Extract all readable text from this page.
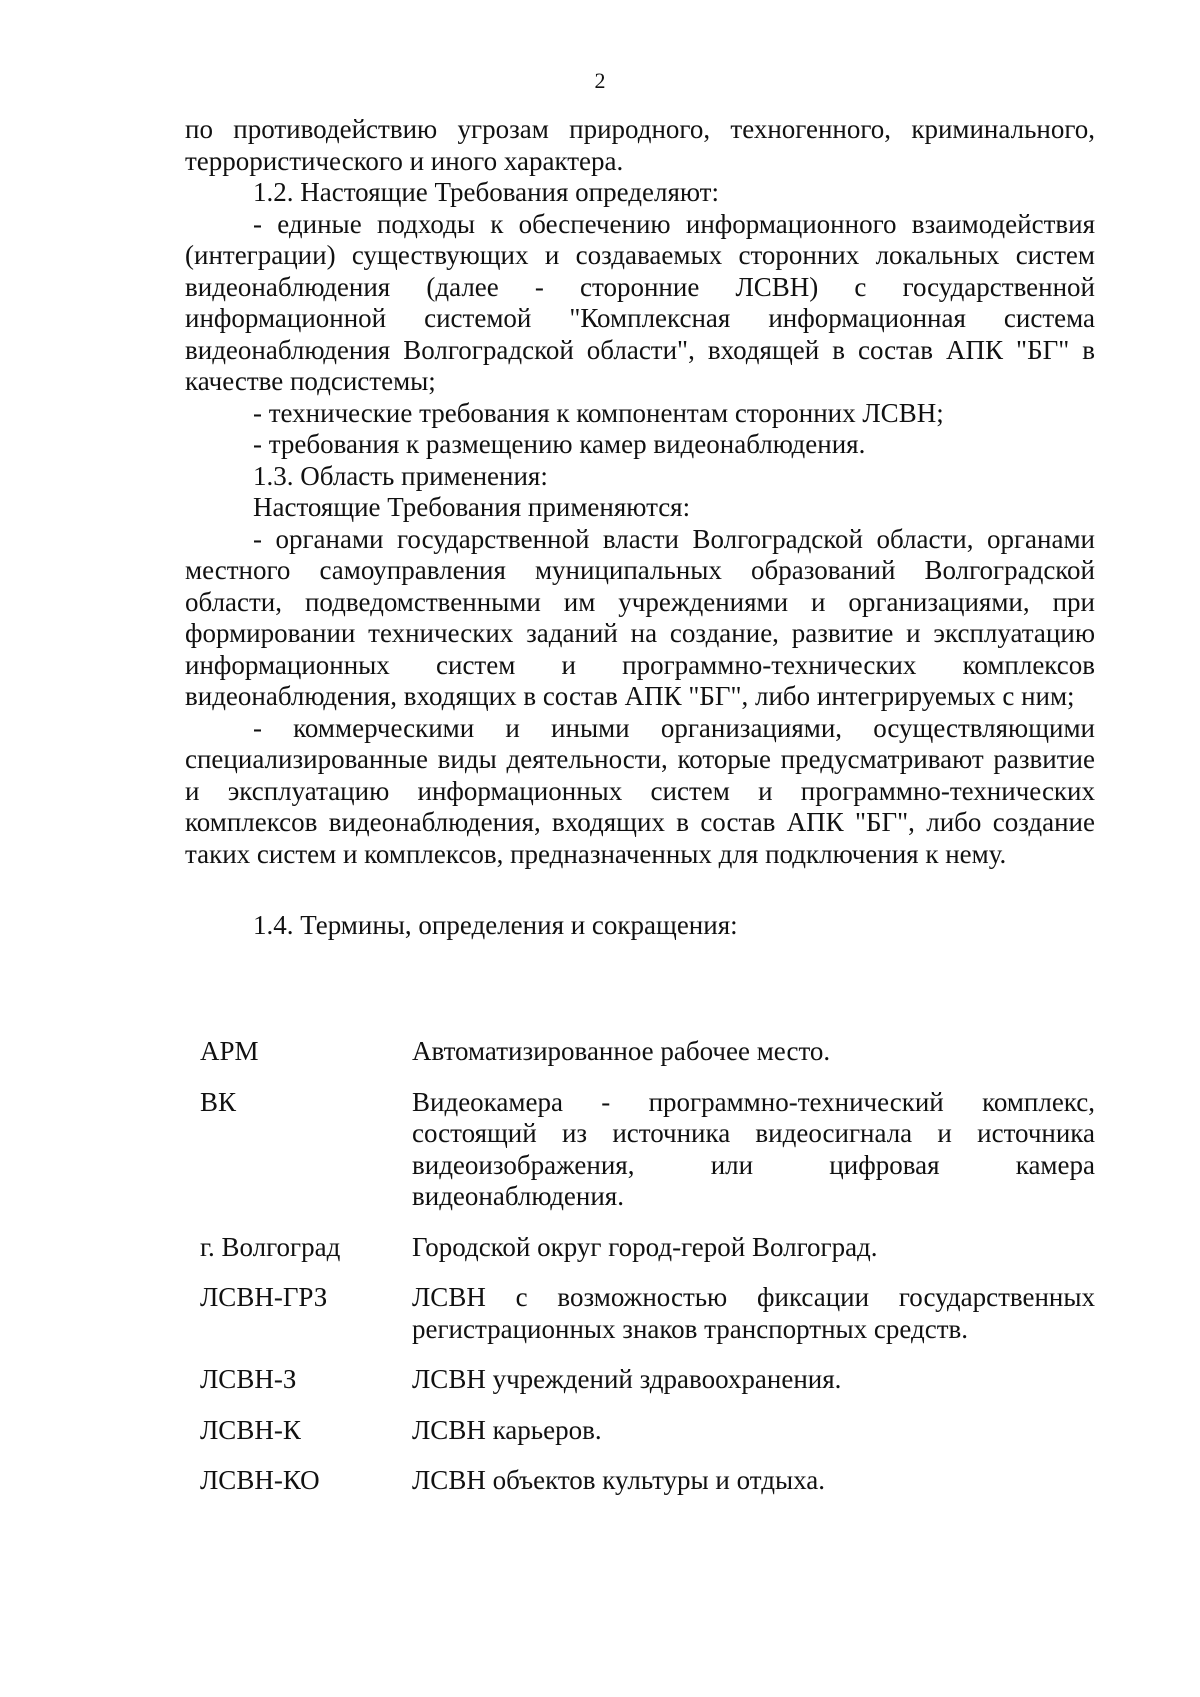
2

по противодействию угрозам природного, техногенного, криминального, террористического и иного характера.

1.2. Настоящие Требования определяют:

- единые подходы к обеспечению информационного взаимодействия (интеграции) существующих и создаваемых сторонних локальных систем видеонаблюдения (далее - сторонние ЛСВН) с государственной информационной системой "Комплексная информационная система видеонаблюдения Волгоградской области", входящей в состав АПК "БГ" в качестве подсистемы;

- технические требования к компонентам сторонних ЛСВН;

- требования к размещению камер видеонаблюдения.

1.3. Область применения:

Настоящие Требования применяются:

- органами государственной власти Волгоградской области, органами местного самоуправления муниципальных образований Волгоградской области, подведомственными им учреждениями и организациями, при формировании технических заданий на создание, развитие и эксплуатацию информационных систем и программно-технических комплексов видеонаблюдения, входящих в состав АПК "БГ", либо интегрируемых с ним;

- коммерческими и иными организациями, осуществляющими специализированные виды деятельности, которые предусматривают развитие и эксплуатацию информационных систем и программно-технических комплексов видеонаблюдения, входящих в состав АПК "БГ", либо создание таких систем и комплексов, предназначенных для подключения к нему.

1.4. Термины, определения и сокращения:

АРМ	Автоматизированное рабочее место.
ВК	Видеокамера - программно-технический комплекс, состоящий из источника видеосигнала и источника видеоизображения, или цифровая камера видеонаблюдения.
г. Волгоград	Городской округ город-герой Волгоград.
ЛСВН-ГРЗ	ЛСВН с возможностью фиксации государственных регистрационных знаков транспортных средств.
ЛСВН-З	ЛСВН учреждений здравоохранения.
ЛСВН-К	ЛСВН карьеров.
ЛСВН-КО	ЛСВН объектов культуры и отдыха.
